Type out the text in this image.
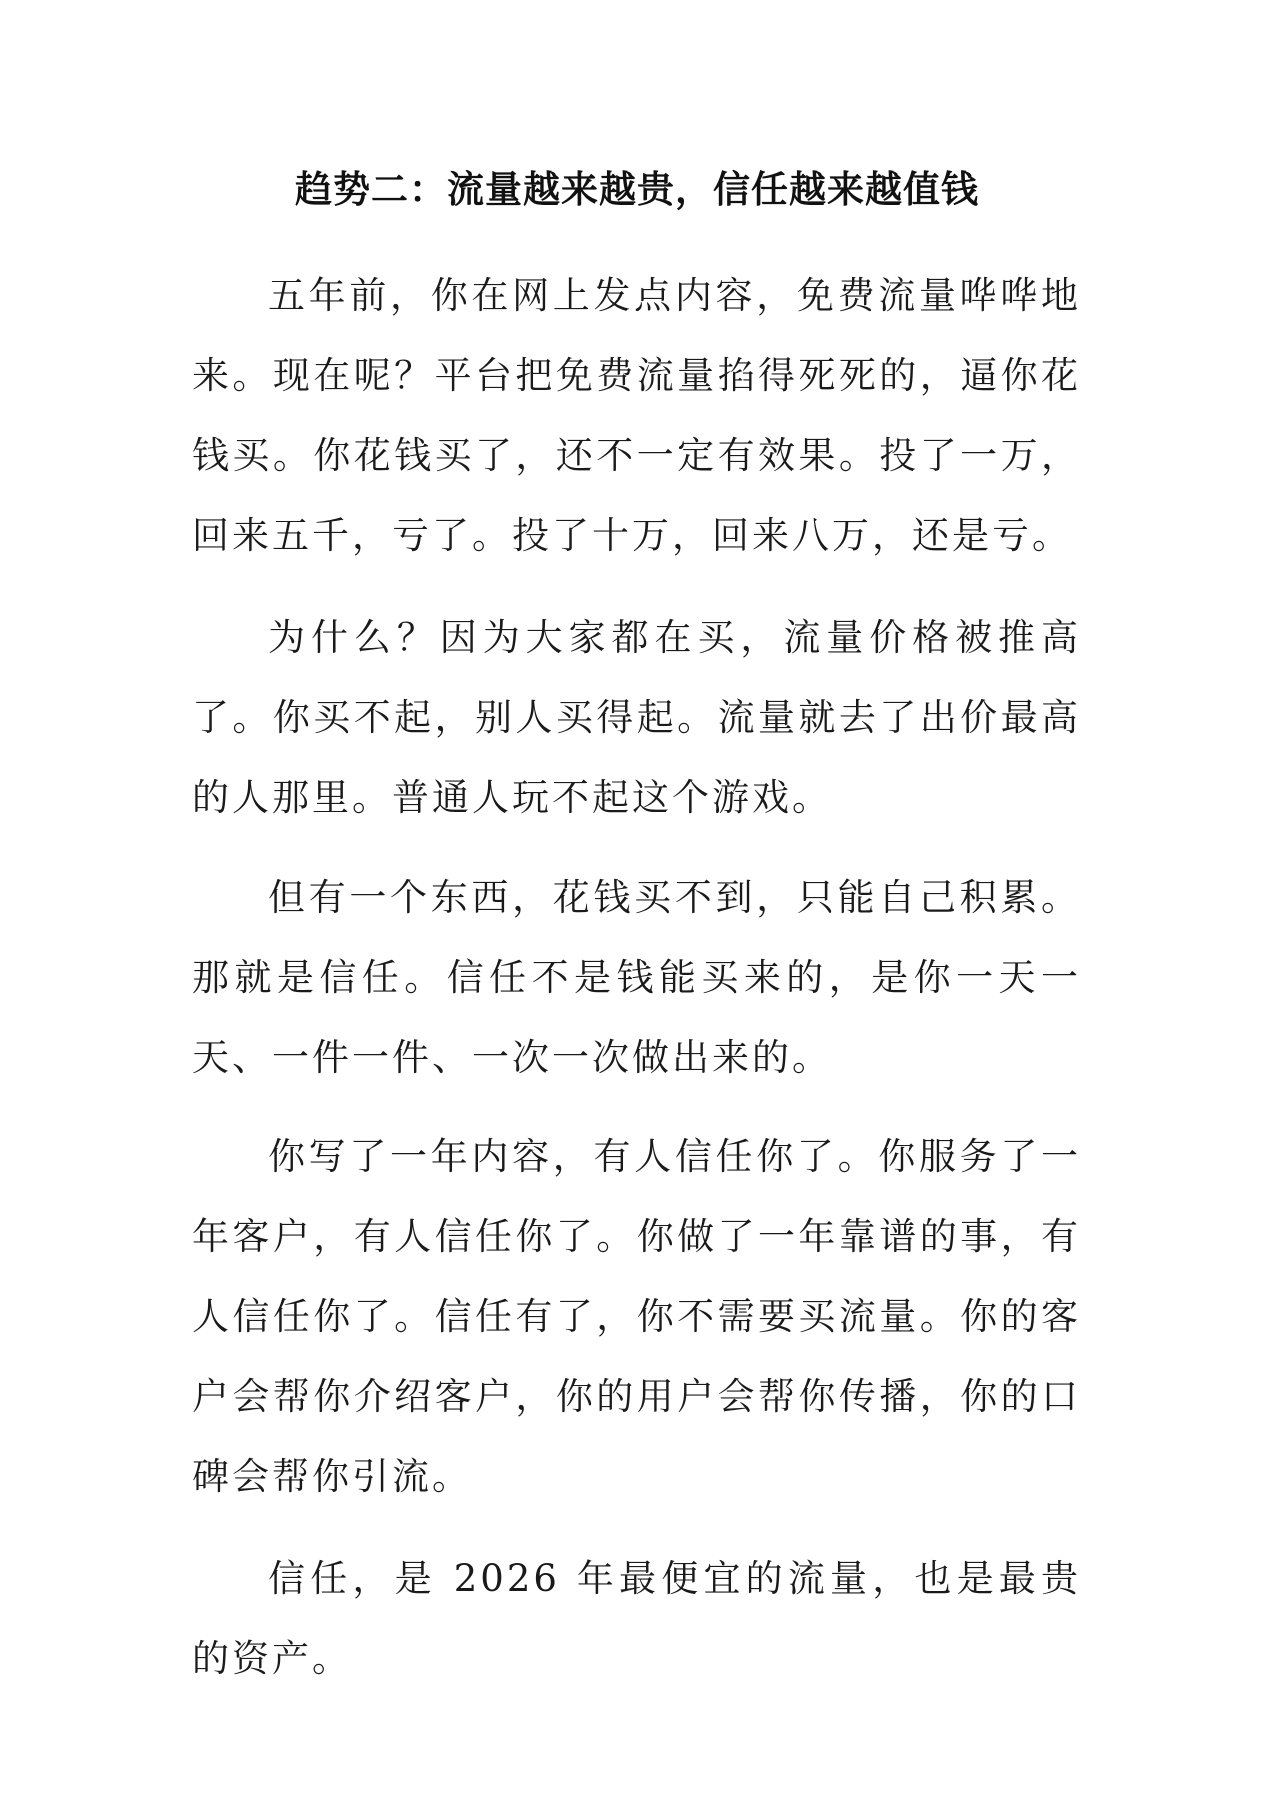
趋势二：流量越来越贵，信任越来越值钱

五年前，你在网上发点内容，免费流量哗哗地来。现在呢？平台把免费流量掐得死死的，逼你花钱买。你花钱买了，还不一定有效果。投了一万，回来五千，亏了。投了十万，回来八万，还是亏。

为什么？因为大家都在买，流量价格被推高了。你买不起，别人买得起。流量就去了出价最高的人那里。普通人玩不起这个游戏。

但有一个东西，花钱买不到，只能自己积累。那就是信任。信任不是钱能买来的，是你一天一天、一件一件、一次一次做出来的。

你写了一年内容，有人信任你了。你服务了一年客户，有人信任你了。你做了一年靠谱的事，有人信任你了。信任有了，你不需要买流量。你的客户会帮你介绍客户，你的用户会帮你传播，你的口碑会帮你引流。

信任，是 2026 年最便宜的流量，也是最贵的资产。
